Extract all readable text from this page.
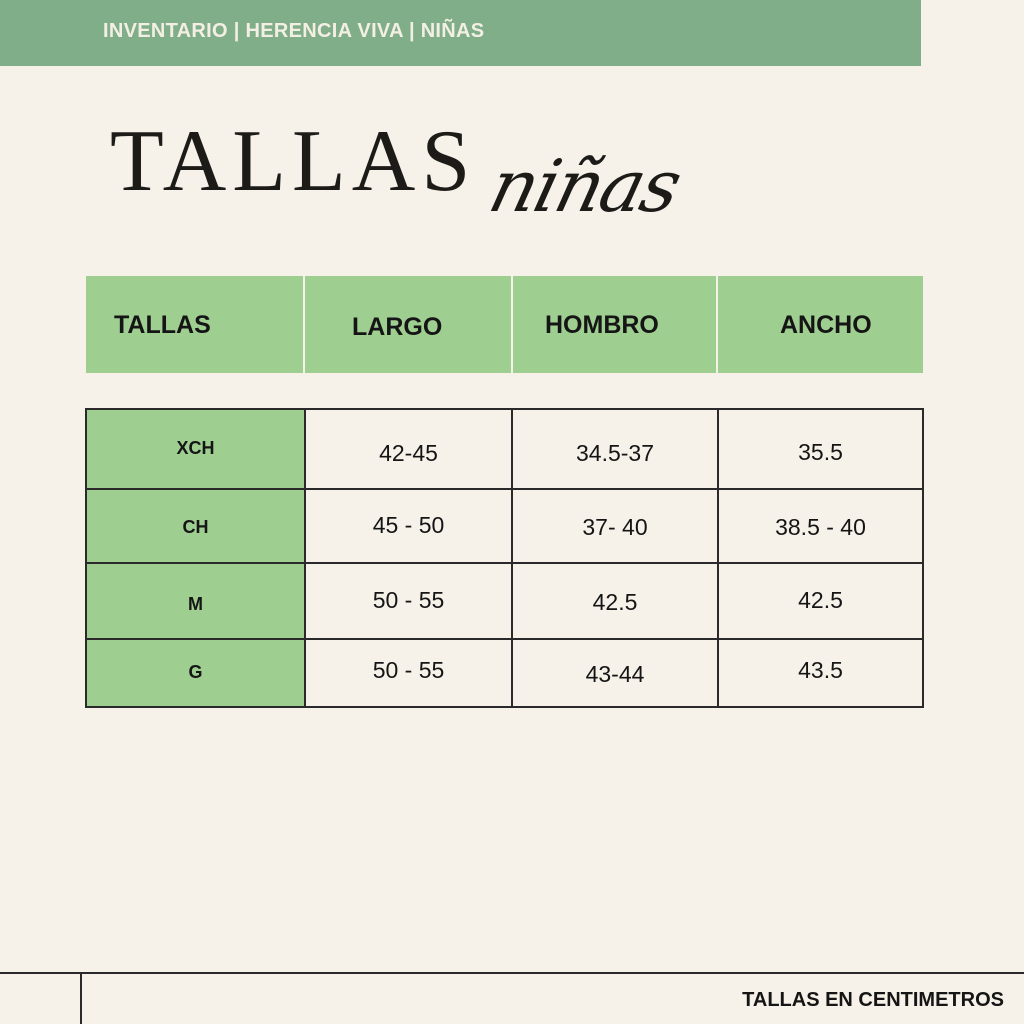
INVENTARIO | HERENCIA VIVA | NIÑAS
TALLAS niñas
TALLAS	LARGO	HOMBRO	ANCHO
XCH	42-45	34.5-37	35.5
CH	45 - 50	37- 40	38.5 - 40
M	50 - 55	42.5	42.5
G	50 - 55	43-44	43.5
TALLAS EN CENTIMETROS
